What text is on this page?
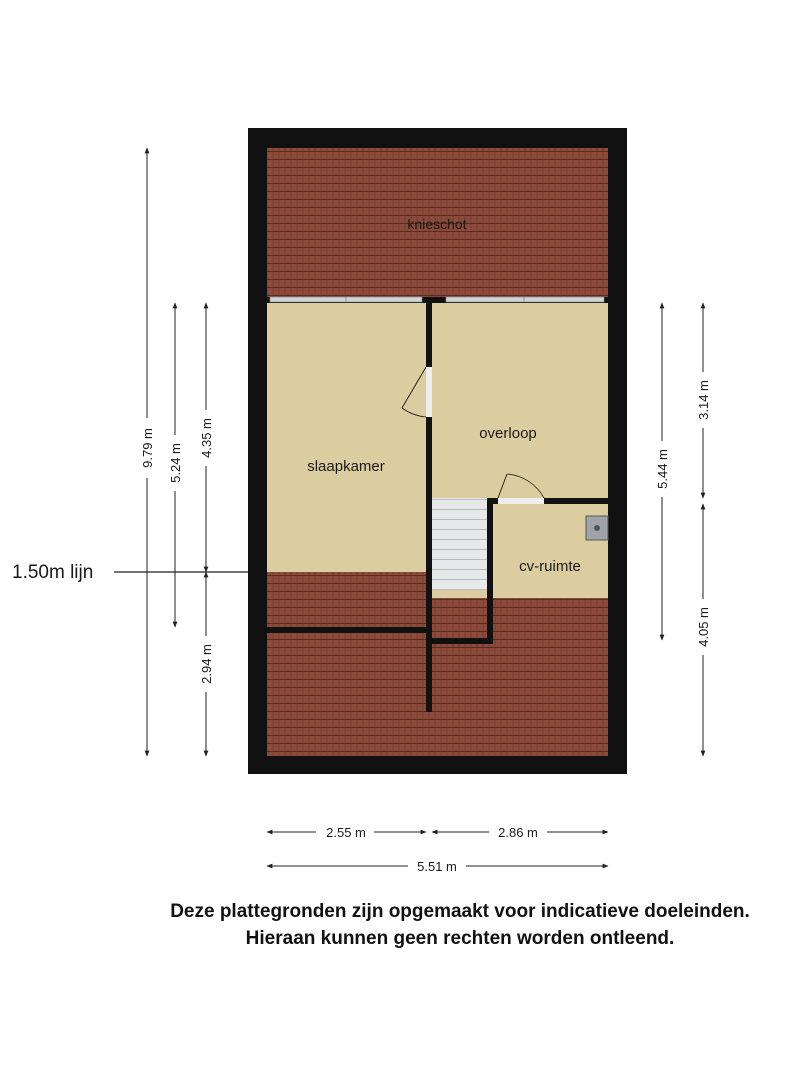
knieschot
slaapkamer
overloop
cv-ruimte
1.50m lijn
9.79 m 5.24 m
4.35 m
2.94 m
5.44 m
3.14 m
4.05 m
2.55 m	2.86 m
5.51 m
Deze plattegronden zijn opgemaakt voor indicatieve doeleinden.
Hieraan kunnen geen rechten worden ontleend.
